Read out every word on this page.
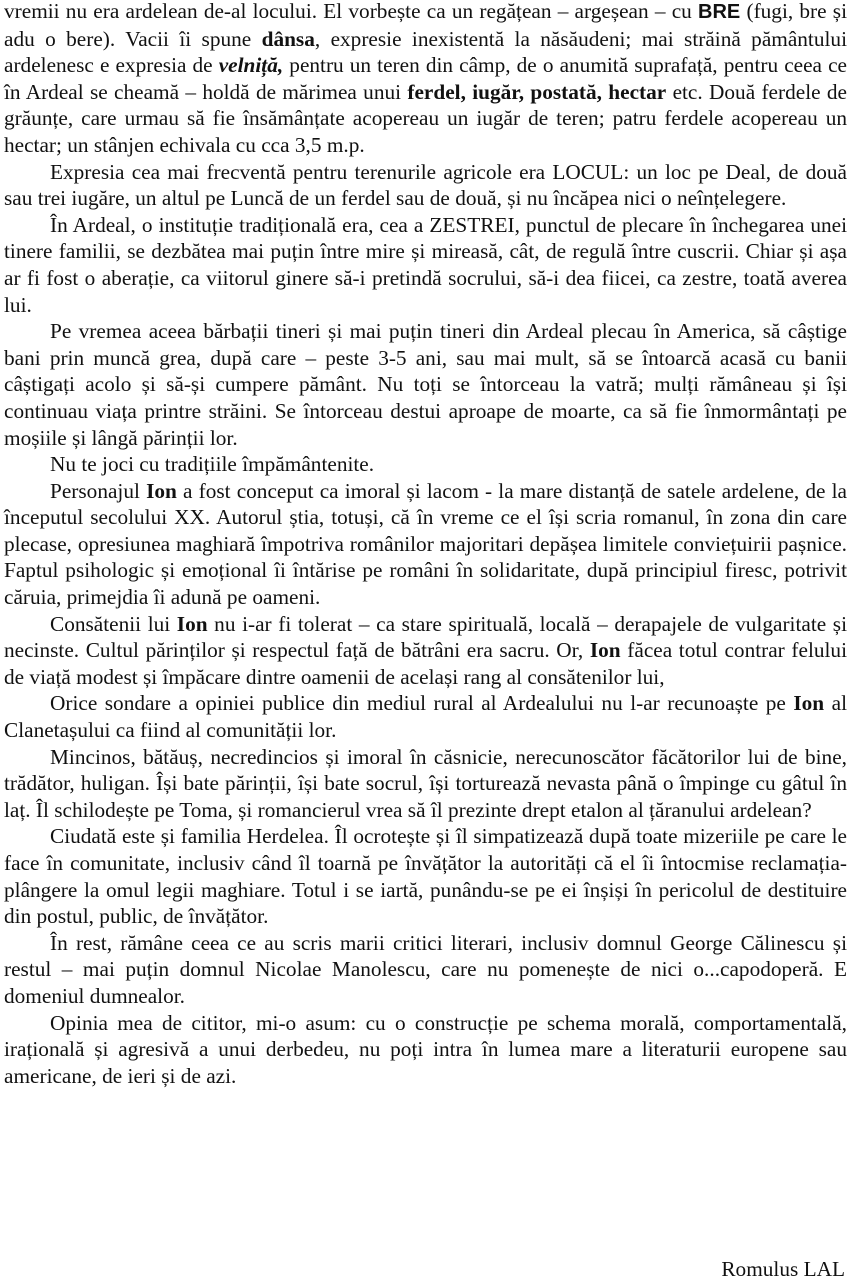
vremii nu era ardelean de-al locului. El vorbește ca un regățean – argeșean – cu BRE (fugi, bre și adu o bere). Vacii îi spune dânsa, expresie inexistentă la năsăudeni; mai străină pământului ardelenesc e expresia de velniță, pentru un teren din câmp, de o anumită suprafață, pentru ceea ce în Ardeal se cheamă – holdă de mărimea unui ferdel, iugăr, postată, hectar etc. Două ferdele de grăunțe, care urmau să fie însămânțate acopereau un iugăr de teren; patru ferdele acopereau un hectar; un stânjen echivala cu cca 3,5 m.p.

Expresia cea mai frecventă pentru terenurile agricole era LOCUL: un loc pe Deal, de două sau trei iugăre, un altul pe Luncă de un ferdel sau de două, și nu încăpea nici o neînțelegere.

În Ardeal, o instituție tradițională era, cea a ZESTREI, punctul de plecare în închegarea unei tinere familii, se dezbătea mai puțin între mire și mireasă, cât, de regulă între cuscrii. Chiar și așa ar fi fost o aberație, ca viitorul ginere să-i pretindă socrului, să-i dea fiicei, ca zestre, toată averea lui.

Pe vremea aceea bărbații tineri și mai puțin tineri din Ardeal plecau în America, să câștige bani prin muncă grea, după care – peste 3-5 ani, sau mai mult, să se întoarcă acasă cu banii câștigați acolo și să-și cumpere pământ. Nu toți se întorceau la vatră; mulți rămâneau și își continuau viața printre străini. Se întorceau destui aproape de moarte, ca să fie înmormântați pe moșiile și lângă părinții lor.

Nu te joci cu tradițiile împământenite.

Personajul Ion a fost conceput ca imoral și lacom - la mare distanță de satele ardelene, de la începutul secolului XX. Autorul știa, totuși, că în vreme ce el își scria romanul, în zona din care plecase, opresiunea maghiară împotriva românilor majoritari depășea limitele conviețuirii pașnice. Faptul psihologic și emoțional îi întărise pe români în solidaritate, după principiul firesc, potrivit căruia, primejdia îi adună pe oameni.

Consătenii lui Ion nu i-ar fi tolerat – ca stare spirituală, locală – derapajele de vulgaritate și necinste. Cultul părinților și respectul față de bătrâni era sacru. Or, Ion făcea totul contrar felului de viață modest și împăcare dintre oamenii de același rang al consătenilor lui,

Orice sondare a opiniei publice din mediul rural al Ardealului nu l-ar recunoaște pe Ion al Clanetașului ca fiind al comunității lor.

Mincinos, bătăuș, necredincios și imoral în căsnicie, nerecunoscător făcătorilor lui de bine, trădător, huligan. Își bate părinții, își bate socrul, își torturează nevasta până o împinge cu gâtul în laț. Îl schilodește pe Toma, și romancierul vrea să îl prezinte drept etalon al țăranului ardelean?

Ciudată este și familia Herdelea. Îl ocrotește și îl simpatizează după toate mizeriile pe care le face în comunitate, inclusiv când îl toarnă pe învățător la autorități că el îi întocmise reclamația-plângere la omul legii maghiare. Totul i se iartă, punându-se pe ei înșiși în pericolul de destituire din postul, public, de învățător.

În rest, rămâne ceea ce au scris marii critici literari, inclusiv domnul George Călinescu și restul – mai puțin domnul Nicolae Manolescu, care nu pomenește de nici o...capodoperă. E domeniul dumnealor.

Opinia mea de cititor, mi-o asum: cu o construcție pe schema morală, comportamentală, irațională și agresivă a unui derbedeu, nu poți intra în lumea mare a literaturii europene sau americane, de ieri și de azi.

Romulus LAL
